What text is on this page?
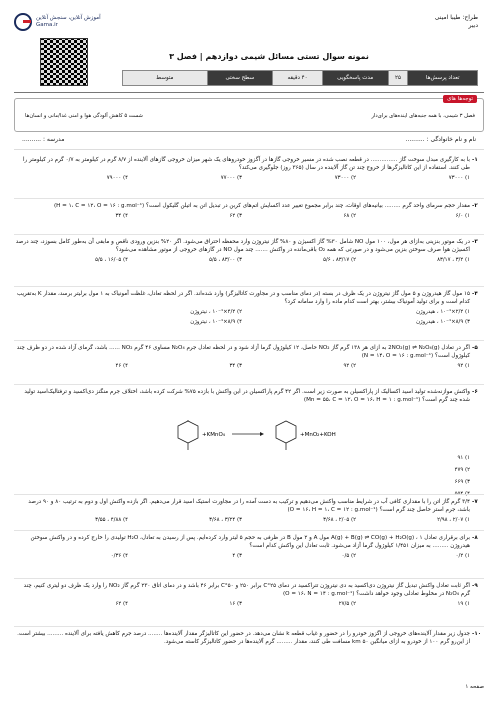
آموزش آنلاین، سنجش آنلاین
Gama.ir
طراح: طیبا امینی
دبیر
نمونه سوال تستی مسائل شیمی دوازدهم | فصل ۳
تعداد پرسش‌ها
۲۵
مدت پاسخگویی
۴۰ دقیقه
سطح سختی
متوسط
توجه‌ها ‌های
فصل ۳ شیمی، با همه جنبه‌های اینده‌های برای‌دار
شست ۵ کاهش آلودگی هوا و امنی غذا/مانی و انسان‌ها
نام و نام خانوادگی : ..........
مدرسه : ..........
۱-
با به کارگیری مبدل سوخت گاز ............... در قطعه نصب شده در مسیر خروجی گازها در آگزوز خودروهای یک شهر میزان خروجی گازهای آلاینده از ۸/۷ گرم در کیلومتر به ۰/۷ گرم در کیلومتر را طی کنند. استفاده از این کاتالیزگرها از خروج چند تن گاز آلاینده در سال (۳۶۵ روز) جلوگیری می‌کند؟
۱) ۷۳۰۰۰
۲) ۷۳۰۰۰
۳) ۷۷۰۰۰
۴) ۷۹۰۰۰
۲-
مقدار حجم سرمای واحد گرم ......... بیانیه‌های اوقات، چند برابر مجموع تغییر عدد اکسایش اتم‌های کربن در تبدیل اتن به اتیلن گلیکول است؟ (H = ۱، C = ۱۲، O = ۱۶ : g.mol⁻¹)
۱) ۶/۰
۲) ۶۸
۳) ۶۲
۴) ۳۴
۳-
در یک موتور بنزینی به‌ازای هر مول، ۱۰۰ مول NO شامل ۳۰% گاز اکسیژن و ۸۰% گاز نیتروژن وارد محفظه احتراق می‌شود. اگر ۲۰% بنزین ورودی ناقص و مابقی آن به‌طور کامل بسوزد، چند درصد اکسیژن هوا صرف سوختن بنزین می‌شود و در صورتی که همه O₂ باقی‌مانده در واکنش ....... چند مول NO در گازهای خروجی از موتور مشاهده می‌شود؟
۱) ۳/۲ ، ۸۳/۱۷
۲) ۸۳/۱۷ ، ۵/۶
۳) ۸۳/۰۰ ، ۵/۵
۴) ۱۶/۰۵ ، ۵/۵
۴-
۱۵ مول گاز هیدروژن و ۵ مول گاز نیتروژن در یک ظرف در بسته (در دمای مناسب و در مجاورت کاتالیزگر) وارد شده‌اند. اگر در لحظه تعادل، غلظت آمونیاک به ۱ مول برلیتر برسد، مقدار K به‌تقریب کدام است و برای تولید آمونیاک بیشتر، بهتر است کدام ماده را وارد سامانه کرد؟
۱) ۲/۲×۱۰⁻¹ ، هیدروژن
۲) ۴/۲×۱۰⁻¹ ، نیتروژن
۳) ۸/۹×۱۰⁻¹ ، هیدروژن
۴) ۸/۹×۱۰⁻¹ ، نیتروژن
۵-
اگر در تعادل 2NO₂(g) ⇌ N₂O₄(g) به ازای هر ۱۳۸ گرم گاز NO₂ حاصل، ۱۲ کیلوژول گرما آزاد شود و در لحظه تعادل جرم N₂O₄ مساوی ۴۶ گرم NO₂ ...... باشد، گرمای آزاد شده در دو ظرف چند کیلوژول است؟ (N = ۱۴، O = ۱۶ : g.mol⁻¹)
۱) ۹۲
۲) ۹۲
۳) ۳۴
۴) ۴۶
۶-
واکنش موازنه‌شده تولید اسید اکسالیک از پاراکسیلن به صورت زیر است. اگر ۴۲ گرم پاراکسیلن در این واکنش با بازده ۷۵% شرکت کرده باشد، اختلاف جرم منگنز دی‌اکسید و ترفتالیک‌اسید تولید شده چند گرم است؟ (Mn = ۵۵، C = ۱۲، O = ۱۶، H = ۱ : g.mol⁻¹)
+KMnO₄	+MnO₂+KOH
۱) ۹۱
۲) ۴۷۹
۳) ۶۶۹
۷-
۳/۴ گرم گاز اتن را با مقداری کافی آب در شرایط مناسب واکنش می‌دهیم و ترکیب به دست آمده را در مجاورت استیک اسید قرار می‌دهیم. اگر بازده واکنش اول و دوم به ترتیب ۸۰ و ۹۰ درصد باشد، جرم استر حاصل چند گرم است؟ (O = ۱۶، H = ۱، C = ۱۲ : g.mol⁻¹)
۱) ۲/۰۷ ، ۲/۹۸
۲) ۲/۰۵ ، ۳/۶۸
۳) ۳/۲۴ ، ۳/۶۸
۴) ۴/۸۸ ، ۳/۵۵
۸-
برای برقراری تعادل A(g) + B(g) ⇌ CO(g) + H₂O(g) ، ۱ مول A و ۲ مول B در ظرفی به حجم ۵ لیتر وارد کرده‌ایم. پس از رسیدن به تعادل، H₂O تولیدی را خارج کرده و در واکنش سوختن هیدروژن ......... به میزان ۱/۴۵۱ کیلوژول گرما آزاد می‌شود. ثابت تعادل این واکنش کدام است؟
۱) ۰/۲
۲) ۰/۵
۳) ۴
۴) ۰/۳۶
۹-
اگر ثابت تعادل واکنش تبدیل گاز نیتروژن دی‌اکسید به دی نیتروژن تتراکسید در دمای ۲۵°C برابر ۲۵۰ و ۵۰°C برابر ۴۶ باشد و در دمای اتاق ۲۳۰ گرم گاز NO₂ را وارد یک ظرف دو لیتری کنیم، چند گرم N₂O₄ در مخلوط تعادلی وجود خواهد داشت؟ (O = ۱۶، N = ۱۴ : g.mol⁻¹)
۱) ۱۹
۲) ۲۷/۵
۳) ۱۶
۴) ۶۲
۱۰-
جدول زیر مقدار آلاینده‌های خروجی از اگزوز خودرو را در حضور و غیاب قطعه k نشان می‌دهد. در حضور این کاتالیزگر مقدار آلاینده‌ها ........ درصد جرم کاهش یافته برای آلاینده ......... بیشتر است. از این‌رو گرم ۱۰۰ از خودرو به ازای میانگین km ۵۰ مسافت طی کنند، مقدار ......... گرم آلاینده‌ها در حضور کاتالیزگر کاسته می‌شود.
صفحه ۱
